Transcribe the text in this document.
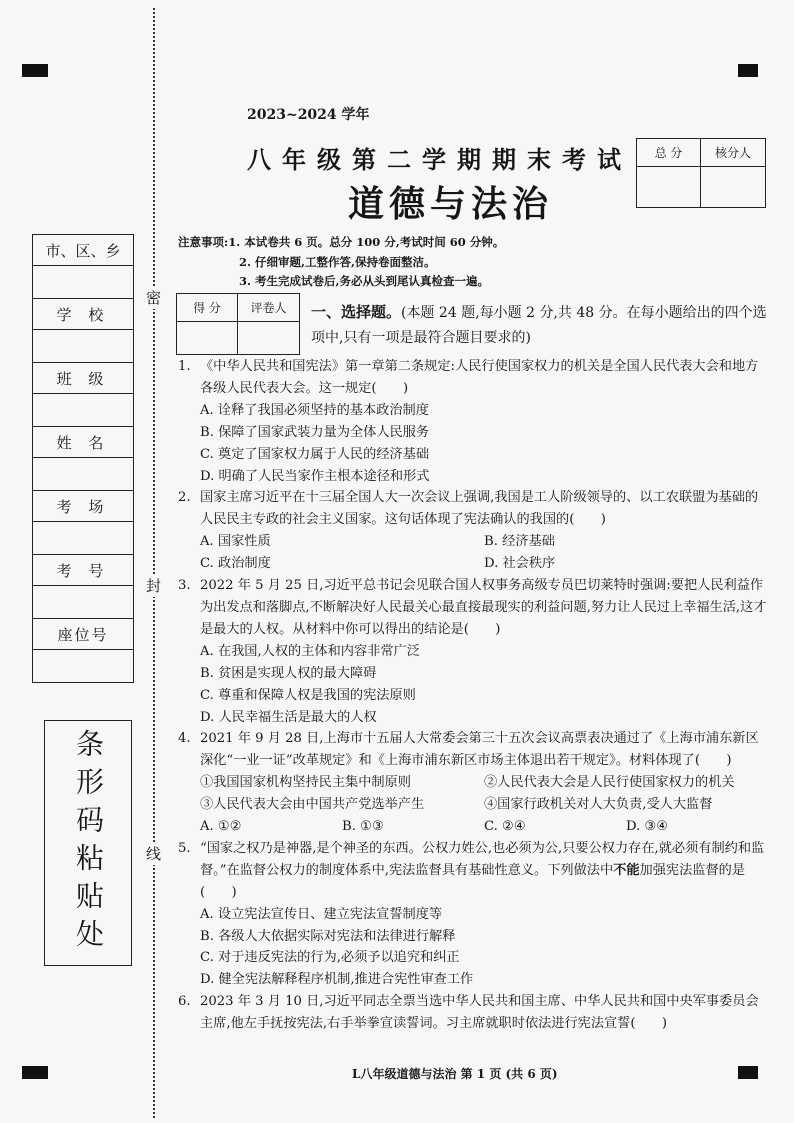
密
封
线
市、区、乡
学 校
班 级
姓 名
考 场
考 号
座位号
条形码粘贴处
2023~2024 学年
八年级第二学期期末考试
道德与法治
总 分	核分人
注意事项:1. 本试卷共 6 页。总分 100 分,考试时间 60 分钟。
2. 仔细审题,工整作答,保持卷面整洁。
3. 考生完成试卷后,务必从头到尾认真检查一遍。
得 分	评卷人	一、选择题。(本题 24 题,每小题 2 分,共 48 分。在每小题给出的四个选项中,只有一项是最符合题目要求的)
1. 《中华人民共和国宪法》第一章第二条规定:人民行使国家权力的机关是全国人民代表大会和地方各级人民代表大会。这一规定(　　)
A. 诠释了我国必须坚持的基本政治制度
B. 保障了国家武装力量为全体人民服务
C. 奠定了国家权力属于人民的经济基础
D. 明确了人民当家作主根本途径和形式
2. 国家主席习近平在十三届全国人大一次会议上强调,我国是工人阶级领导的、以工农联盟为基础的人民民主专政的社会主义国家。这句话体现了宪法确认的我国的(　　)
A. 国家性质	B. 经济基础
C. 政治制度	D. 社会秩序
3. 2022 年 5 月 25 日,习近平总书记会见联合国人权事务高级专员巴切莱特时强调:要把人民利益作为出发点和落脚点,不断解决好人民最关心最直接最现实的利益问题,努力让人民过上幸福生活,这才是最大的人权。从材料中你可以得出的结论是(　　)
A. 在我国,人权的主体和内容非常广泛
B. 贫困是实现人权的最大障碍
C. 尊重和保障人权是我国的宪法原则
D. 人民幸福生活是最大的人权
4. 2021 年 9 月 28 日,上海市十五届人大常委会第三十五次会议高票表决通过了《上海市浦东新区深化“一业一证”改革规定》和《上海市浦东新区市场主体退出若干规定》。材料体现了(　　)
①我国国家机构坚持民主集中制原则	②人民代表大会是人民行使国家权力的机关
③人民代表大会由中国共产党选举产生	④国家行政机关对人大负责,受人大监督
A. ①②	B. ①③	C. ②④	D. ③④
5. “国家之权乃是神器,是个神圣的东西。公权力姓公,也必须为公,只要公权力存在,就必须有制约和监督。”在监督公权力的制度体系中,宪法监督具有基础性意义。下列做法中不能加强宪法监督的是(　　)
A. 设立宪法宣传日、建立宪法宣誓制度等
B. 各级人大依据实际对宪法和法律进行解释
C. 对于违反宪法的行为,必须予以追究和纠正
D. 健全宪法解释程序机制,推进合宪性审查工作
6. 2023 年 3 月 10 日,习近平同志全票当选中华人民共和国主席、中华人民共和国中央军事委员会主席,他左手抚按宪法,右手举拳宣读誓词。习主席就职时依法进行宪法宣誓(　　)
L八年级道德与法治 第 1 页 (共 6 页)
